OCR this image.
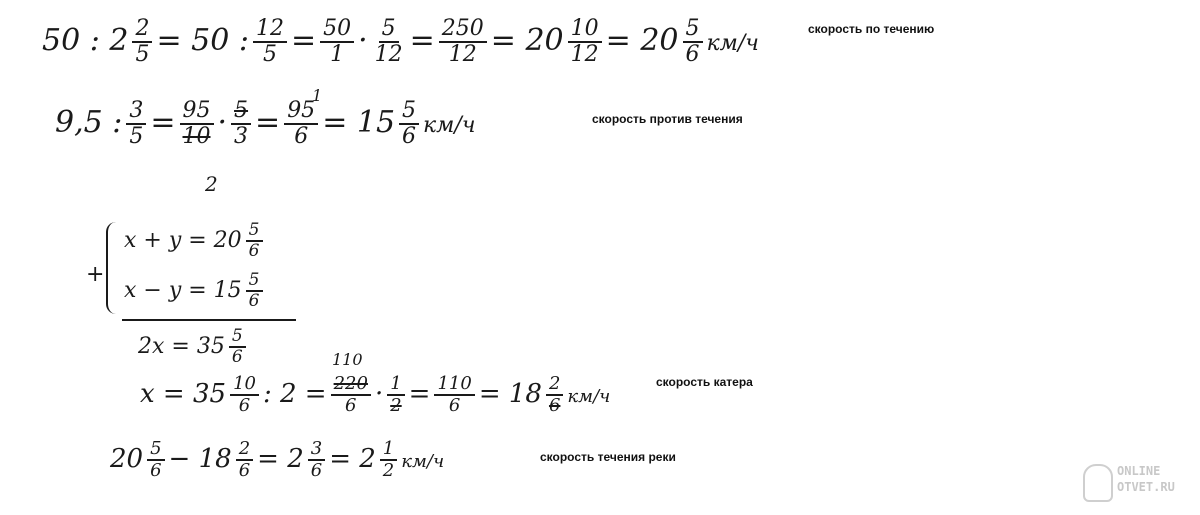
50 : $2 \frac{2}{5} = 50$ : $\frac{12}{5} = \frac{50}{1} \cdot \frac{5}{12} = \frac{250}{12} = 20 \frac{10}{12} = 20 \frac{5}{6} км/ч$
скорость по течению
9,5 : $\frac{3}{5} = \frac{95}{10} \cdot \frac{5}{3} = \frac{95}{6} = 15 \frac{5}{6} км/ч$
1
2
скорость против течения
+
$x + y = 20 \frac{5}{6}$
$x - y = 15 \frac{5}{6}$
$2x = 35 \frac{5}{6}$	110
$x = 35 \frac{10}{6}$ : $2 = \frac{220}{6} \cdot \frac{1}{2} = \frac{110}{6} = 18 \frac{2}{6} км/ч$
скорость катера
$20 \frac{5}{6} - 18 \frac{2}{6} = 2 \frac{3}{6} = 2 \frac{1}{2} км/ч$	скорость течения реки
ONLINE
OTVET.RU
